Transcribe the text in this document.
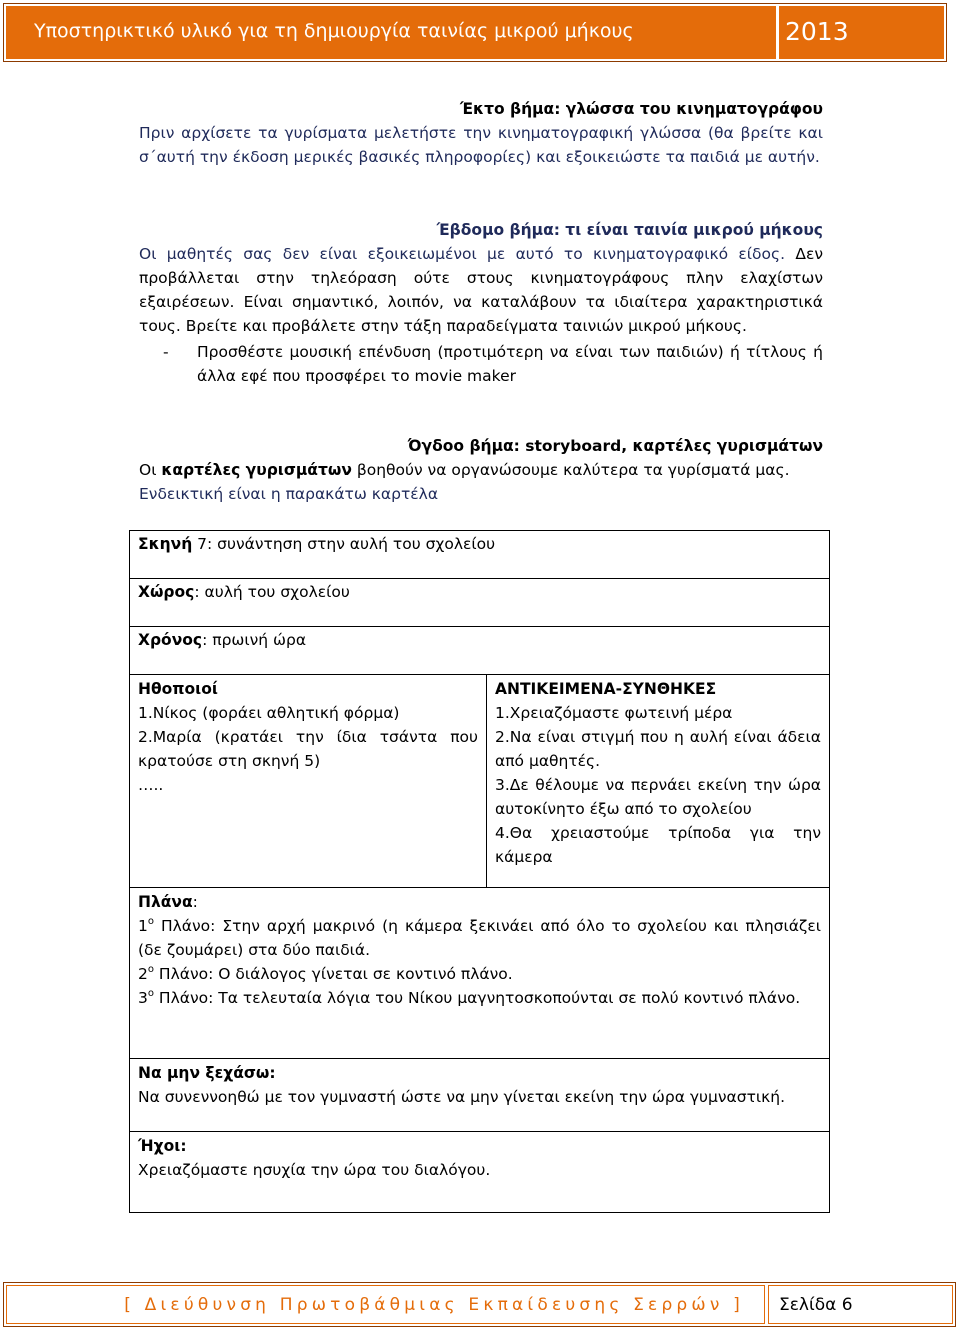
Υποστηρικτικό υλικό για τη δημιουργία ταινίας μικρού μήκους	2013
Έκτο βήμα: γλώσσα του κινηματογράφου
Πριν αρχίσετε τα γυρίσματα μελετήστε την κινηματογραφική γλώσσα (θα βρείτε και σ΄αυτή την έκδοση μερικές βασικές πληροφορίες) και εξοικειώστε τα παιδιά με αυτήν.
Έβδομο βήμα: τι είναι ταινία μικρού μήκους
Οι μαθητές σας δεν είναι εξοικειωμένοι με αυτό το κινηματογραφικό είδος. Δεν προβάλλεται στην τηλεόραση ούτε στους κινηματογράφους πλην ελαχίστων εξαιρέσεων. Είναι σημαντικό, λοιπόν, να καταλάβουν τα ιδιαίτερα χαρακτηριστικά τους. Βρείτε και προβάλετε στην τάξη παραδείγματα ταινιών μικρού μήκους.
-	Προσθέστε μουσική επένδυση (προτιμότερη να είναι των παιδιών) ή τίτλους ή άλλα εφέ που προσφέρει το movie maker
Όγδοο βήμα: storyboard, καρτέλες γυρισμάτων
Οι καρτέλες γυρισμάτων βοηθούν να οργανώσουμε καλύτερα τα γυρίσματά μας.
Ενδεικτική είναι η παρακάτω καρτέλα
Σκηνή 7: συνάντηση στην αυλή του σχολείου
Χώρος: αυλή του σχολείου
Χρόνος: πρωινή ώρα

Ηθοποιοί
1.Νίκος (φοράει αθλητική φόρμα)
2.Μαρία (κρατάει την ίδια τσάντα που κρατούσε στη σκηνή 5)
…..

ΑΝΤΙΚΕΙΜΕΝΑ-ΣΥΝΘΗΚΕΣ
1.Χρειαζόμαστε φωτεινή μέρα
2.Να είναι στιγμή που η αυλή είναι άδεια από μαθητές.
3.Δε θέλουμε να περνάει εκείνη την ώρα αυτοκίνητο έξω από το σχολείου
4.Θα χρειαστούμε τρίποδα για την κάμερα

Πλάνα:
$1^o$ Πλάνο: Στην αρχή μακρινό (η κάμερα ξεκινάει από όλο το σχολείου και πλησιάζει (δε ζουμάρει) στα δύο παιδιά.
$2^o$ Πλάνο: Ο διάλογος γίνεται σε κοντινό πλάνο.
$3^o$ Πλάνο: Τα τελευταία λόγια του Νίκου μαγνητοσκοπούνται σε πολύ κοντινό πλάνο.

Να μην ξεχάσω:
Να συνεννοηθώ με τον γυμναστή ώστε να μην γίνεται εκείνη την ώρα γυμναστική.

Ήχοι:
Χρειαζόμαστε ησυχία την ώρα του διαλόγου.
[ Διεύθυνση Πρωτοβάθμιας Εκπαίδευσης Σερρών ]	Σελίδα 6
